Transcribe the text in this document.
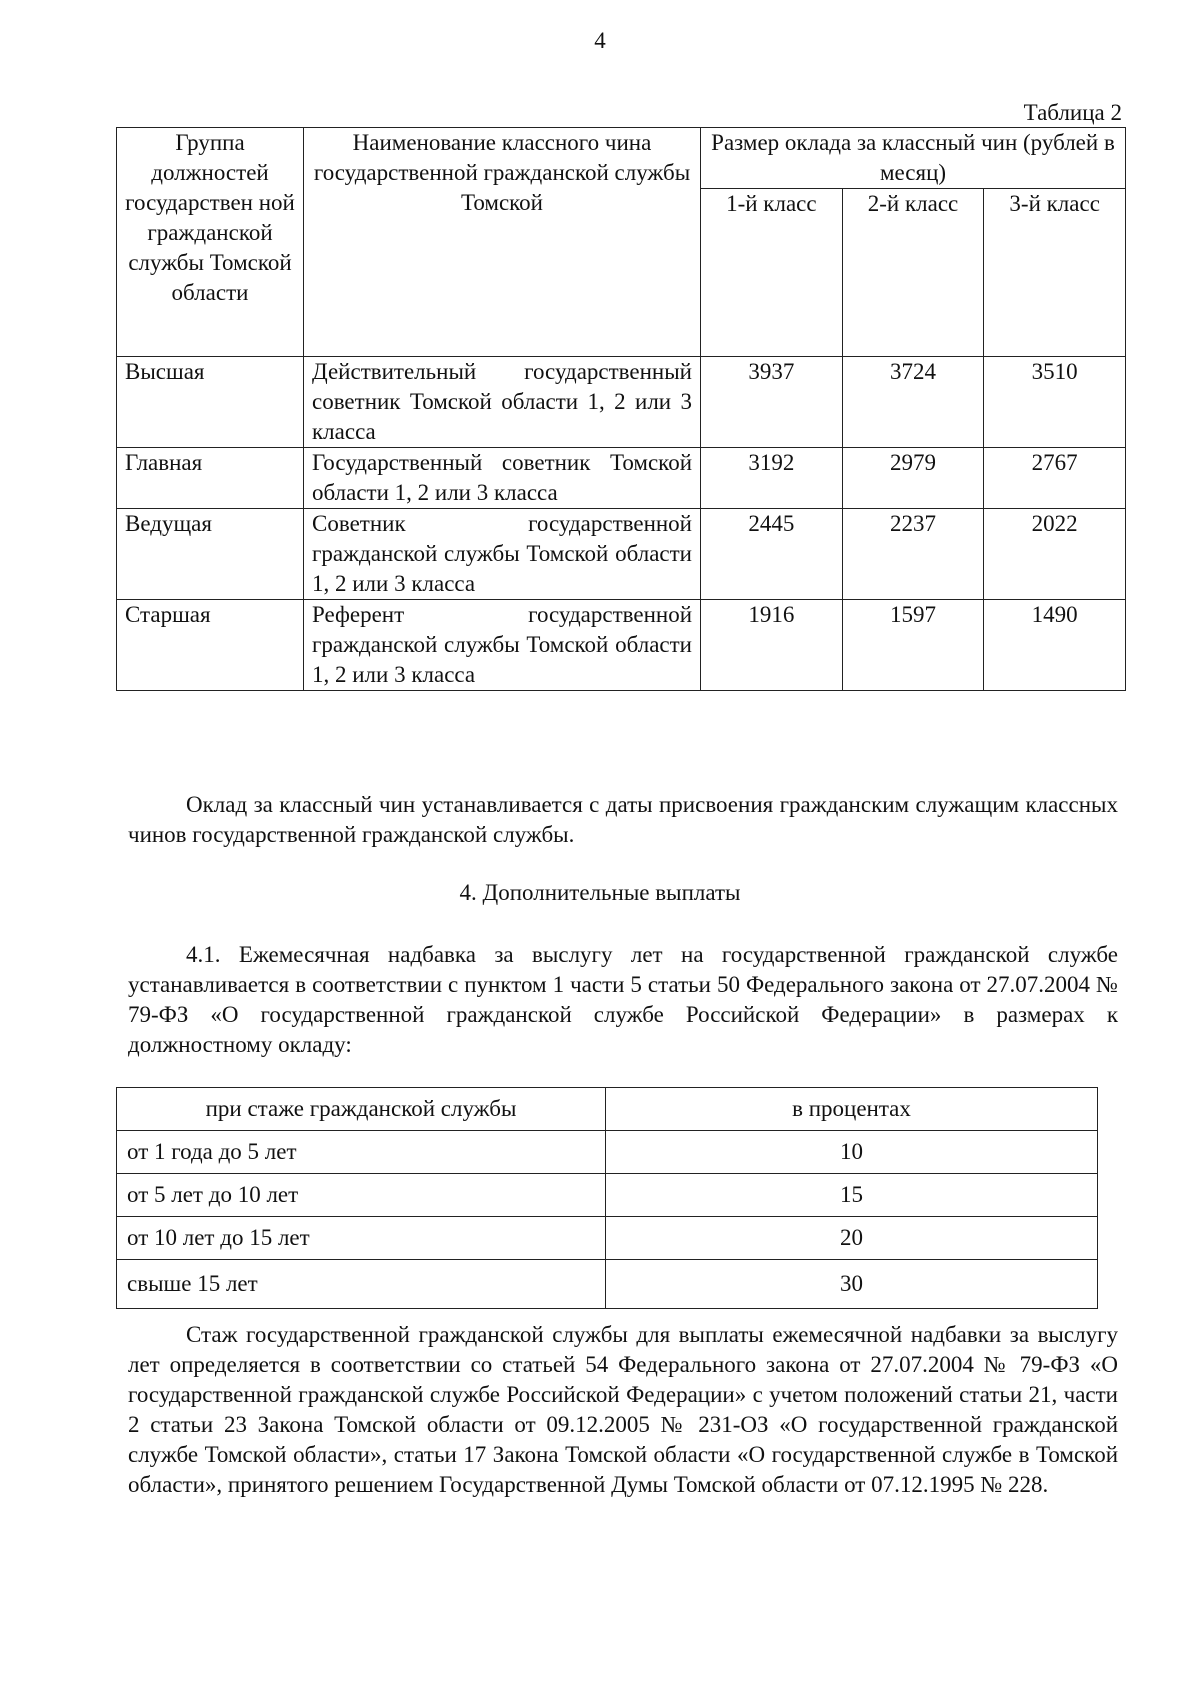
4
Таблица 2
Группа должностей государствен ной гражданской службы Томской области	Наименование классного чина государственной гражданской службы Томской	Размер оклада за классный чин (рублей в месяц)		
		1-й класс	2-й класс	3-й класс
Высшая	Действительный государственный советник Томской области 1, 2 или 3 класса	3937	3724	3510
Главная	Государственный советник Томской области 1, 2 или 3 класса	3192	2979	2767
Ведущая	Советник государственной гражданской службы Томской области 1, 2 или 3 класса	2445	2237	2022
Старшая	Референт государственной гражданской службы Томской области 1, 2 или 3 класса	1916	1597	1490

Оклад за классный чин устанавливается с даты присвоения гражданским служащим классных чинов государственной гражданской службы.

4. Дополнительные выплаты

4.1. Ежемесячная надбавка за выслугу лет на государственной гражданской службе устанавливается в соответствии с пунктом 1 части 5 статьи 50 Федерального закона от 27.07.2004 № 79-ФЗ «О государственной гражданской службе Российской Федерации» в размерах к должностному окладу:

при стаже гражданской службы	в процентах
от 1 года до 5 лет	10
от 5 лет до 10 лет	15
от 10 лет до 15 лет	20
свыше 15 лет	30

Стаж государственной гражданской службы для выплаты ежемесячной надбавки за выслугу лет определяется в соответствии со статьей 54 Федерального закона от 27.07.2004 № 79-ФЗ «О государственной гражданской службе Российской Федерации» с учетом положений статьи 21, части 2 статьи 23 Закона Томской области от 09.12.2005 № 231-ОЗ «О государственной гражданской службе Томской области», статьи 17 Закона Томской области «О государственной службе в Томской области», принятого решением Государственной Думы Томской области от 07.12.1995 № 228.
